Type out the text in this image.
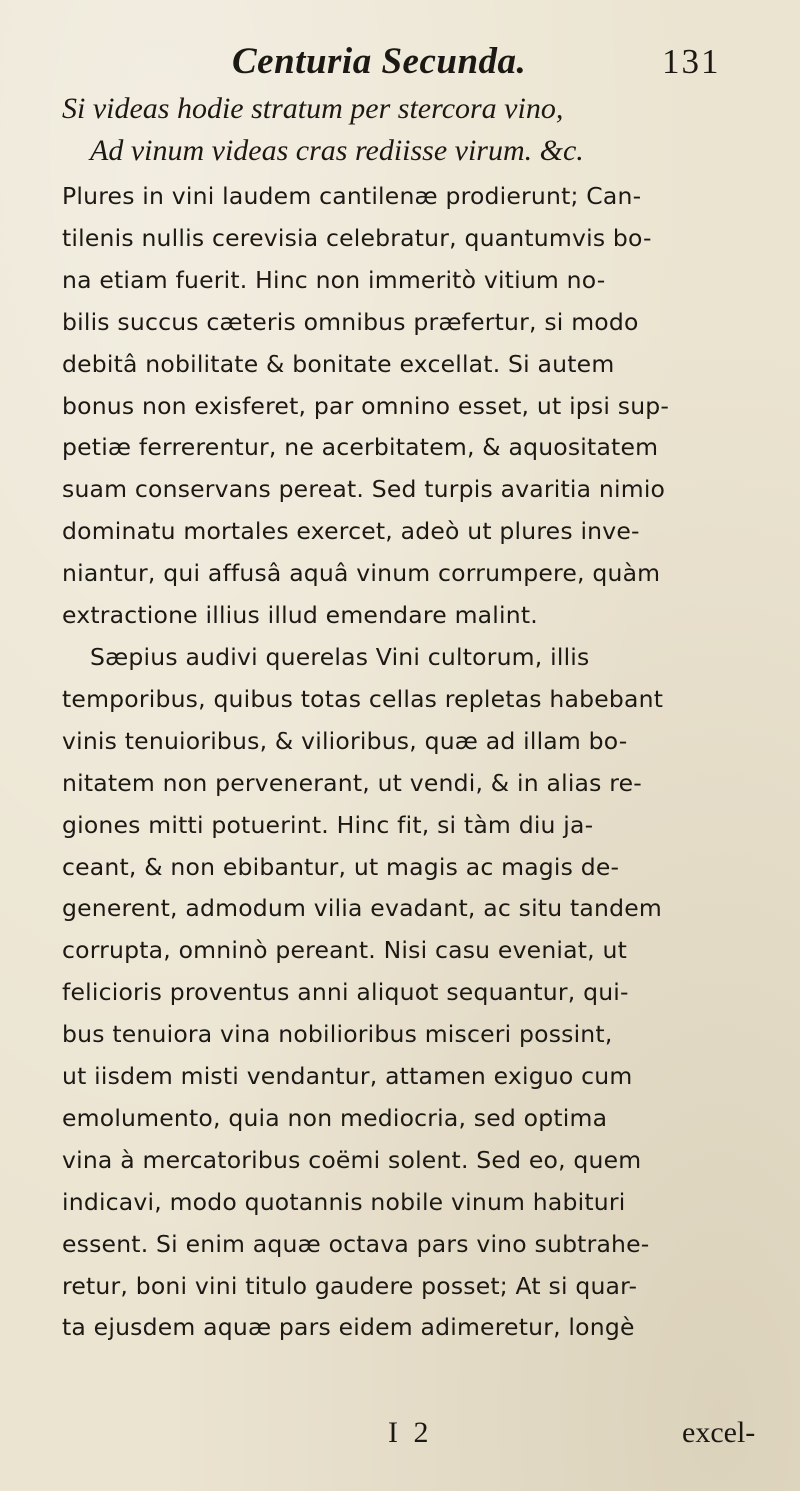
Centuria Secunda.	131
Si videas hodie stratum per stercora vino,
Ad vinum videas cras rediisse virum. &c.
Plures in vini laudem cantilenæ prodierunt; Can-
tilenis nullis cerevisia celebratur, quantumvis bo-
na etiam fuerit. Hinc non immeritò vitium no-
bilis succus cæteris omnibus præfertur, si modo
debitâ nobilitate & bonitate excellat. Si autem
bonus non exisferet, par omnino esset, ut ipsi sup-
petiæ ferrerentur, ne acerbitatem, & aquositatem
suam conservans pereat. Sed turpis avaritia nimio
dominatu mortales exercet, adeò ut plures inve-
niantur, qui affusâ aquâ vinum corrumpere, quàm
extractione illius illud emendare malint.
Sæpius audivi querelas Vini cultorum, illis
temporibus, quibus totas cellas repletas habebant
vinis tenuioribus, & vilioribus, quæ ad illam bo-
nitatem non pervenerant, ut vendi, & in alias re-
giones mitti potuerint. Hinc fit, si tàm diu ja-
ceant, & non ebibantur, ut magis ac magis de-
generent, admodum vilia evadant, ac situ tandem
corrupta, omninò pereant. Nisi casu eveniat, ut
felicioris proventus anni aliquot sequantur, qui-
bus tenuiora vina nobilioribus misceri possint,
ut iisdem misti vendantur, attamen exiguo cum
emolumento, quia non mediocria, sed optima
vina à mercatoribus coëmi solent. Sed eo, quem
indicavi, modo quotannis nobile vinum habituri
essent. Si enim aquæ octava pars vino subtrahe-
retur, boni vini titulo gaudere posset; At si quar-
ta ejusdem aquæ pars eidem adimeretur, longè
I 2	excel-
